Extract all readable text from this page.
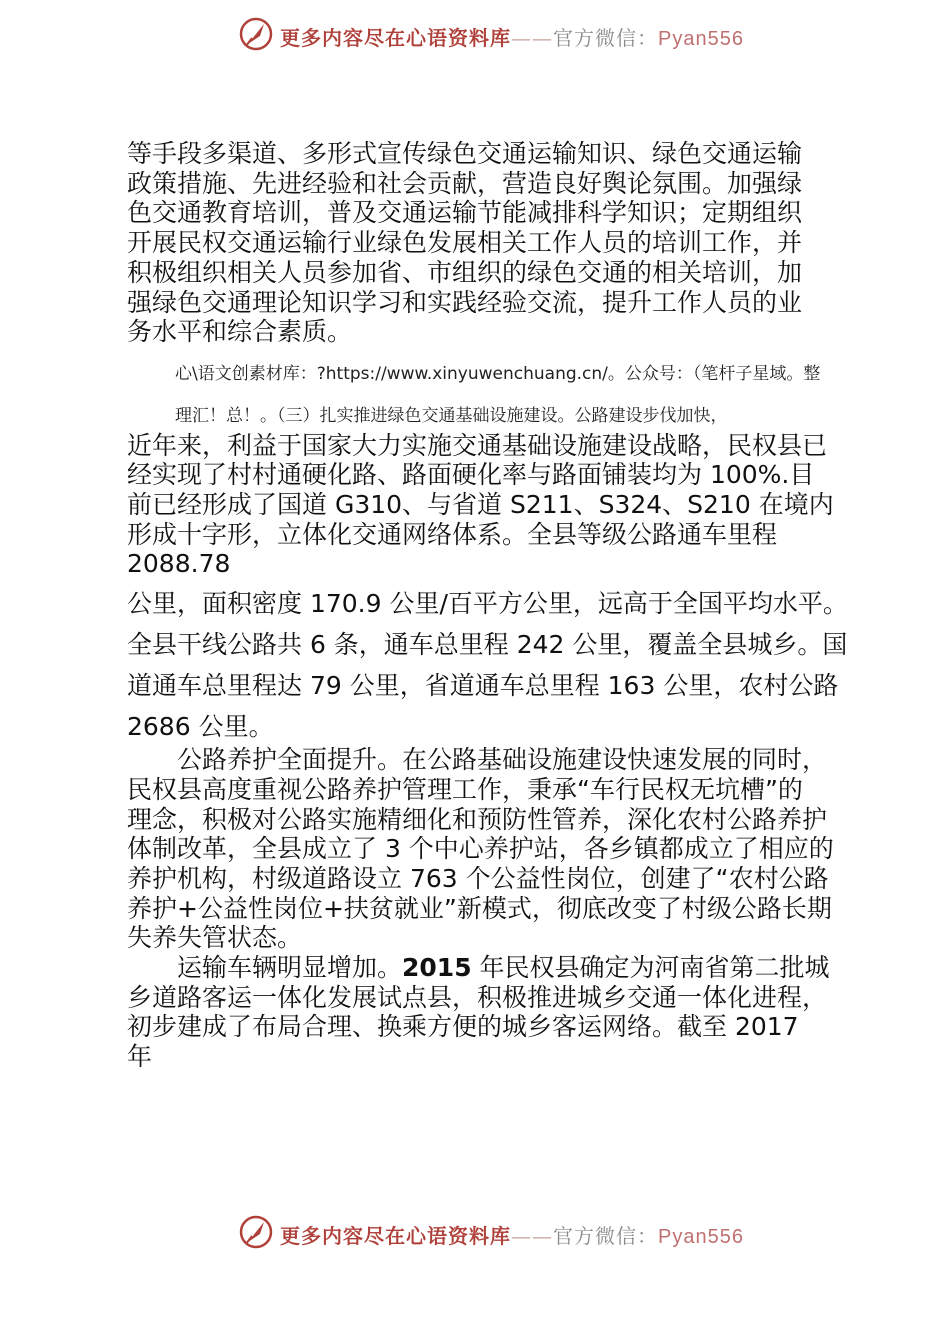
更多内容尽在心语资料库——官方微信：Pyan556
等手段多渠道、多形式宣传绿色交通运输知识、绿色交通运输
政策措施、先进经验和社会贡献，营造良好舆论氛围。加强绿
色交通教育培训，普及交通运输节能减排科学知识；定期组织
开展民权交通运输行业绿色发展相关工作人员的培训工作，并
积极组织相关人员参加省、市组织的绿色交通的相关培训，加
强绿色交通理论知识学习和实践经验交流，提升工作人员的业
务水平和综合素质。
心\语文创素材库：?https://www.xinyuwenchuang.cn/。公众号：（笔杆子星域。整
理汇！总！。（三）扎实推进绿色交通基础设施建设。公路建设步伐加快，
近年来，利益于国家大力实施交通基础设施建设战略，民权县已
经实现了村村通硬化路、路面硬化率与路面铺装均为 100%.目
前已经形成了国道 G310、与省道 S211、S324、S210 在境内
形成十字形，立体化交通网络体系。全县等级公路通车里程
2088.78
公里，面积密度 170.9 公里/百平方公里，远高于全国平均水平。
全县干线公路共 6 条，通车总里程 242 公里，覆盖全县城乡。国
道通车总里程达 79 公里，省道通车总里程 163 公里，农村公路
2686 公里。
公路养护全面提升。在公路基础设施建设快速发展的同时，
民权县高度重视公路养护管理工作，秉承“车行民权无坑槽”的
理念，积极对公路实施精细化和预防性管养，深化农村公路养护
体制改革，全县成立了 3 个中心养护站，各乡镇都成立了相应的
养护机构，村级道路设立 763 个公益性岗位，创建了“农村公路
养护+公益性岗位+扶贫就业”新模式，彻底改变了村级公路长期
失养失管状态。
运输车辆明显增加。2015 年民权县确定为河南省第二批城
乡道路客运一体化发展试点县，积极推进城乡交通一体化进程，
初步建成了布局合理、换乘方便的城乡客运网络。截至 2017
年
更多内容尽在心语资料库——官方微信：Pyan556
